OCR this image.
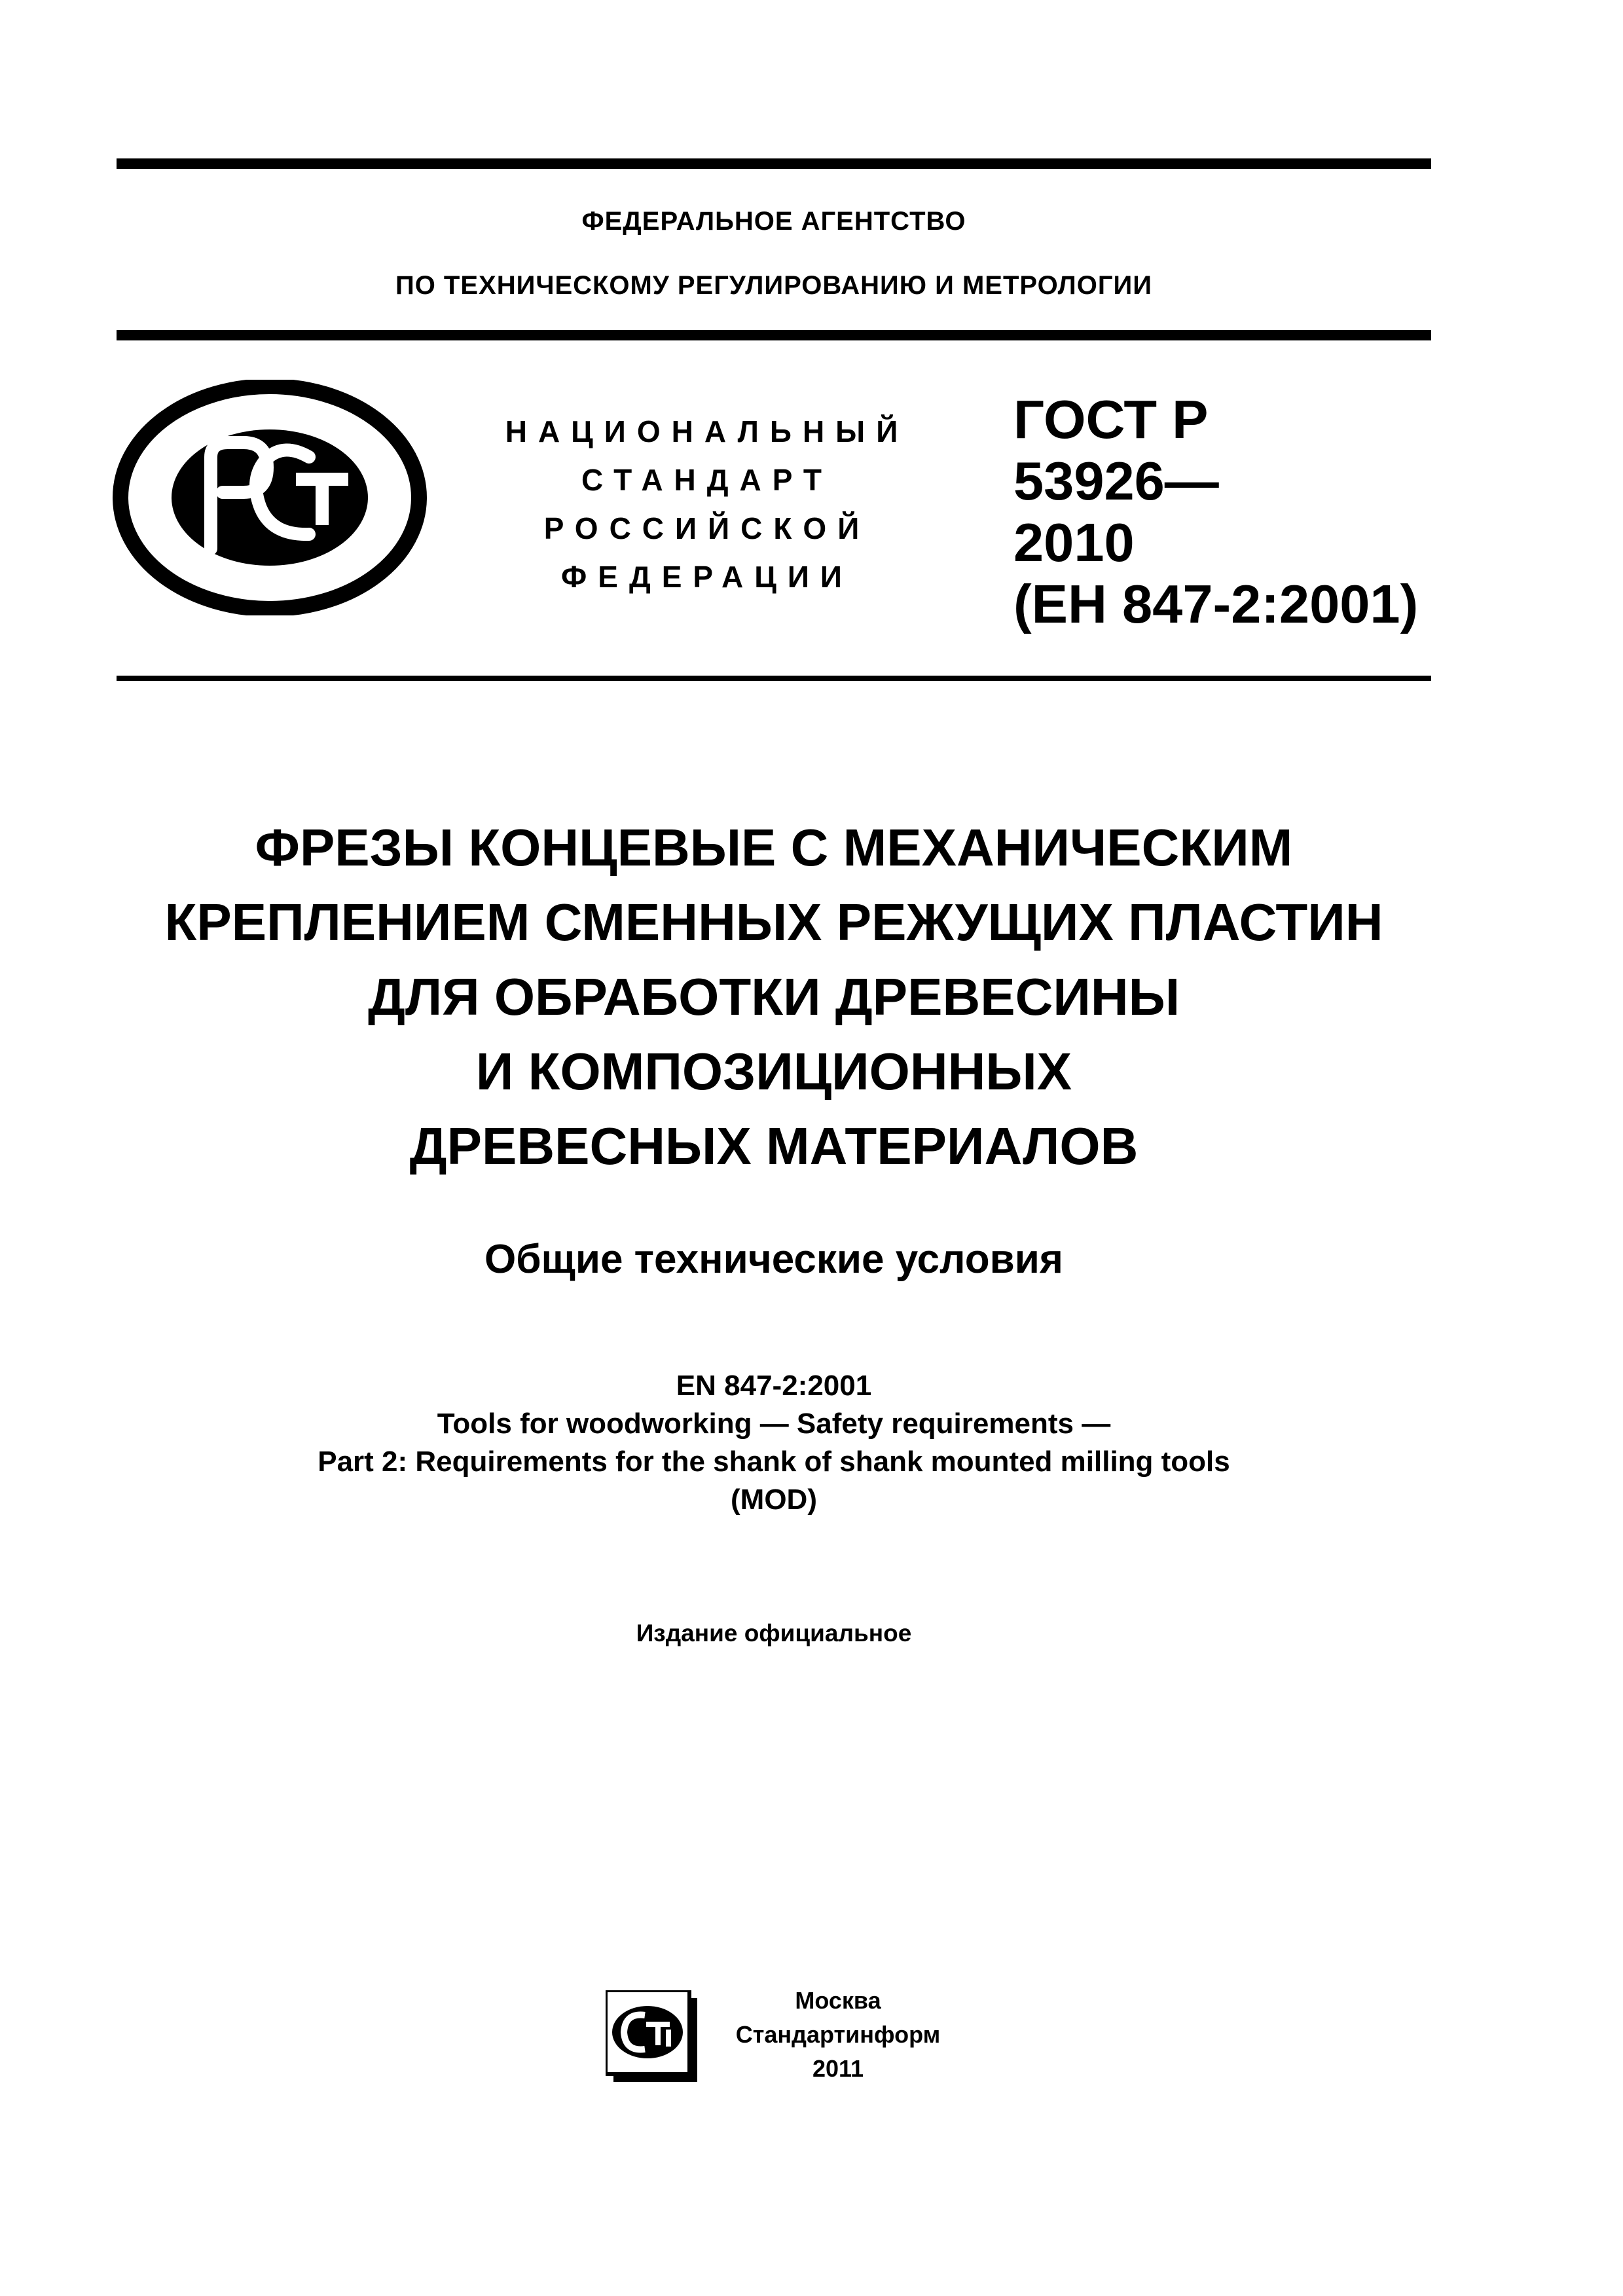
ФЕДЕРАЛЬНОЕ АГЕНТСТВО
ПО ТЕХНИЧЕСКОМУ РЕГУЛИРОВАНИЮ И МЕТРОЛОГИИ
НАЦИОНАЛЬНЫЙ
СТАНДАРТ
РОССИЙСКОЙ
ФЕДЕРАЦИИ
ГОСТ Р
53926—
2010
(ЕН 847-2:2001)
ФРЕЗЫ КОНЦЕВЫЕ С МЕХАНИЧЕСКИМ
КРЕПЛЕНИЕМ СМЕННЫХ РЕЖУЩИХ ПЛАСТИН
ДЛЯ ОБРАБОТКИ ДРЕВЕСИНЫ
И КОМПОЗИЦИОННЫХ
ДРЕВЕСНЫХ МАТЕРИАЛОВ
Общие технические условия
EN 847-2:2001
Tools for woodworking — Safety requirements —
Part 2: Requirements for the shank of shank mounted milling tools
(MOD)
Издание официальное
Москва
Стандартинформ
2011
